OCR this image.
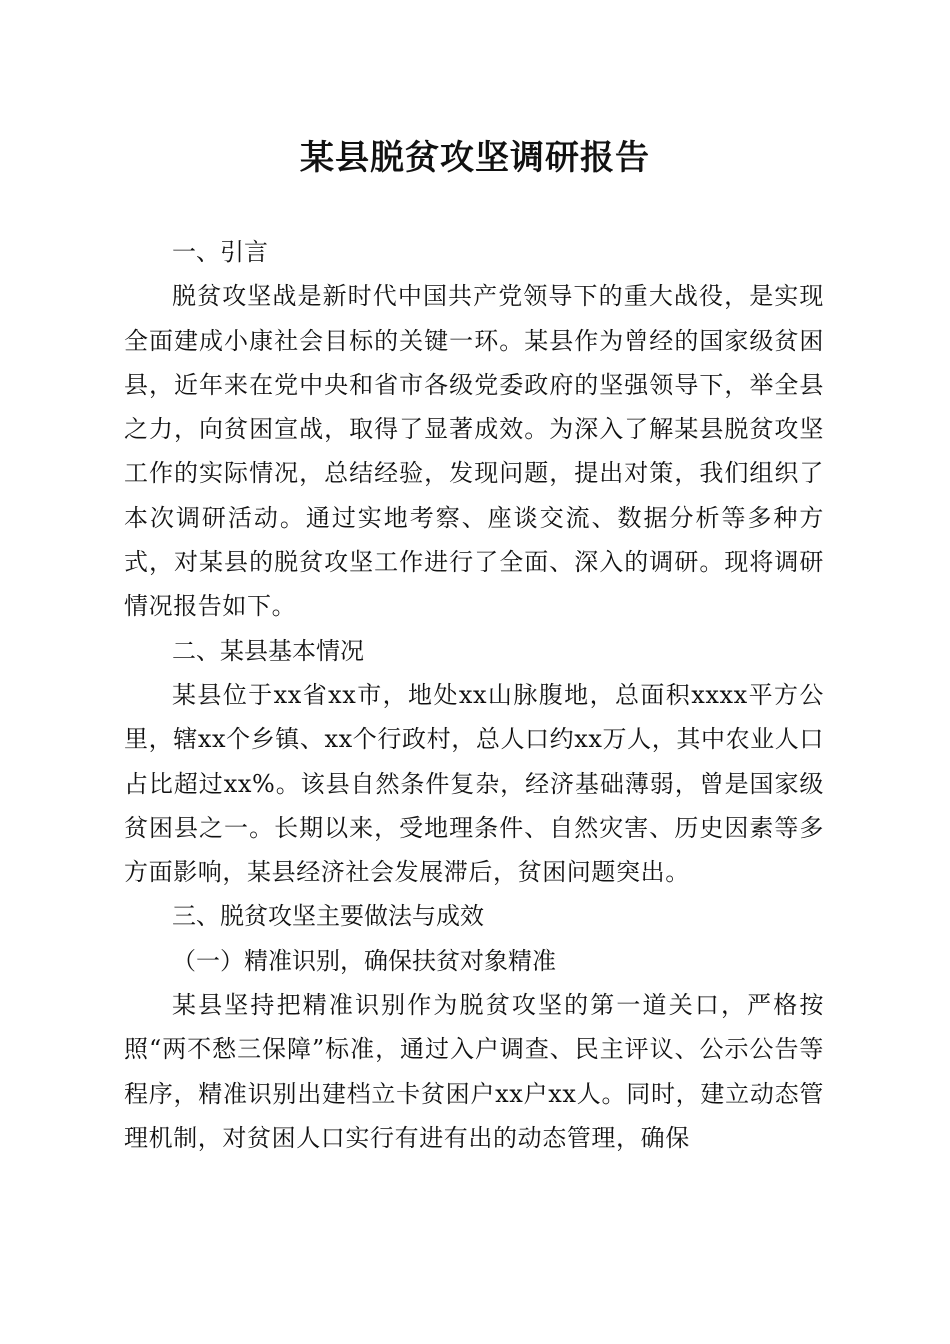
某县脱贫攻坚调研报告
一、引言

脱贫攻坚战是新时代中国共产党领导下的重大战役，是实现全面建成小康社会目标的关键一环。某县作为曾经的国家级贫困县，近年来在党中央和省市各级党委政府的坚强领导下，举全县之力，向贫困宣战，取得了显著成效。为深入了解某县脱贫攻坚工作的实际情况，总结经验，发现问题，提出对策，我们组织了本次调研活动。通过实地考察、座谈交流、数据分析等多种方式，对某县的脱贫攻坚工作进行了全面、深入的调研。现将调研情况报告如下。

二、某县基本情况

某县位于xx省xx市，地处xx山脉腹地，总面积xxxx平方公里，辖xx个乡镇、xx个行政村，总人口约xx万人，其中农业人口占比超过xx%。该县自然条件复杂，经济基础薄弱，曾是国家级贫困县之一。长期以来，受地理条件、自然灾害、历史因素等多方面影响，某县经济社会发展滞后，贫困问题突出。

三、脱贫攻坚主要做法与成效
（一）精准识别，确保扶贫对象精准

某县坚持把精准识别作为脱贫攻坚的第一道关口，严格按照“两不愁三保障”标准，通过入户调查、民主评议、公示公告等程序，精准识别出建档立卡贫困户xx户xx人。同时，建立动态管理机制，对贫困人口实行有进有出的动态管理，确保
